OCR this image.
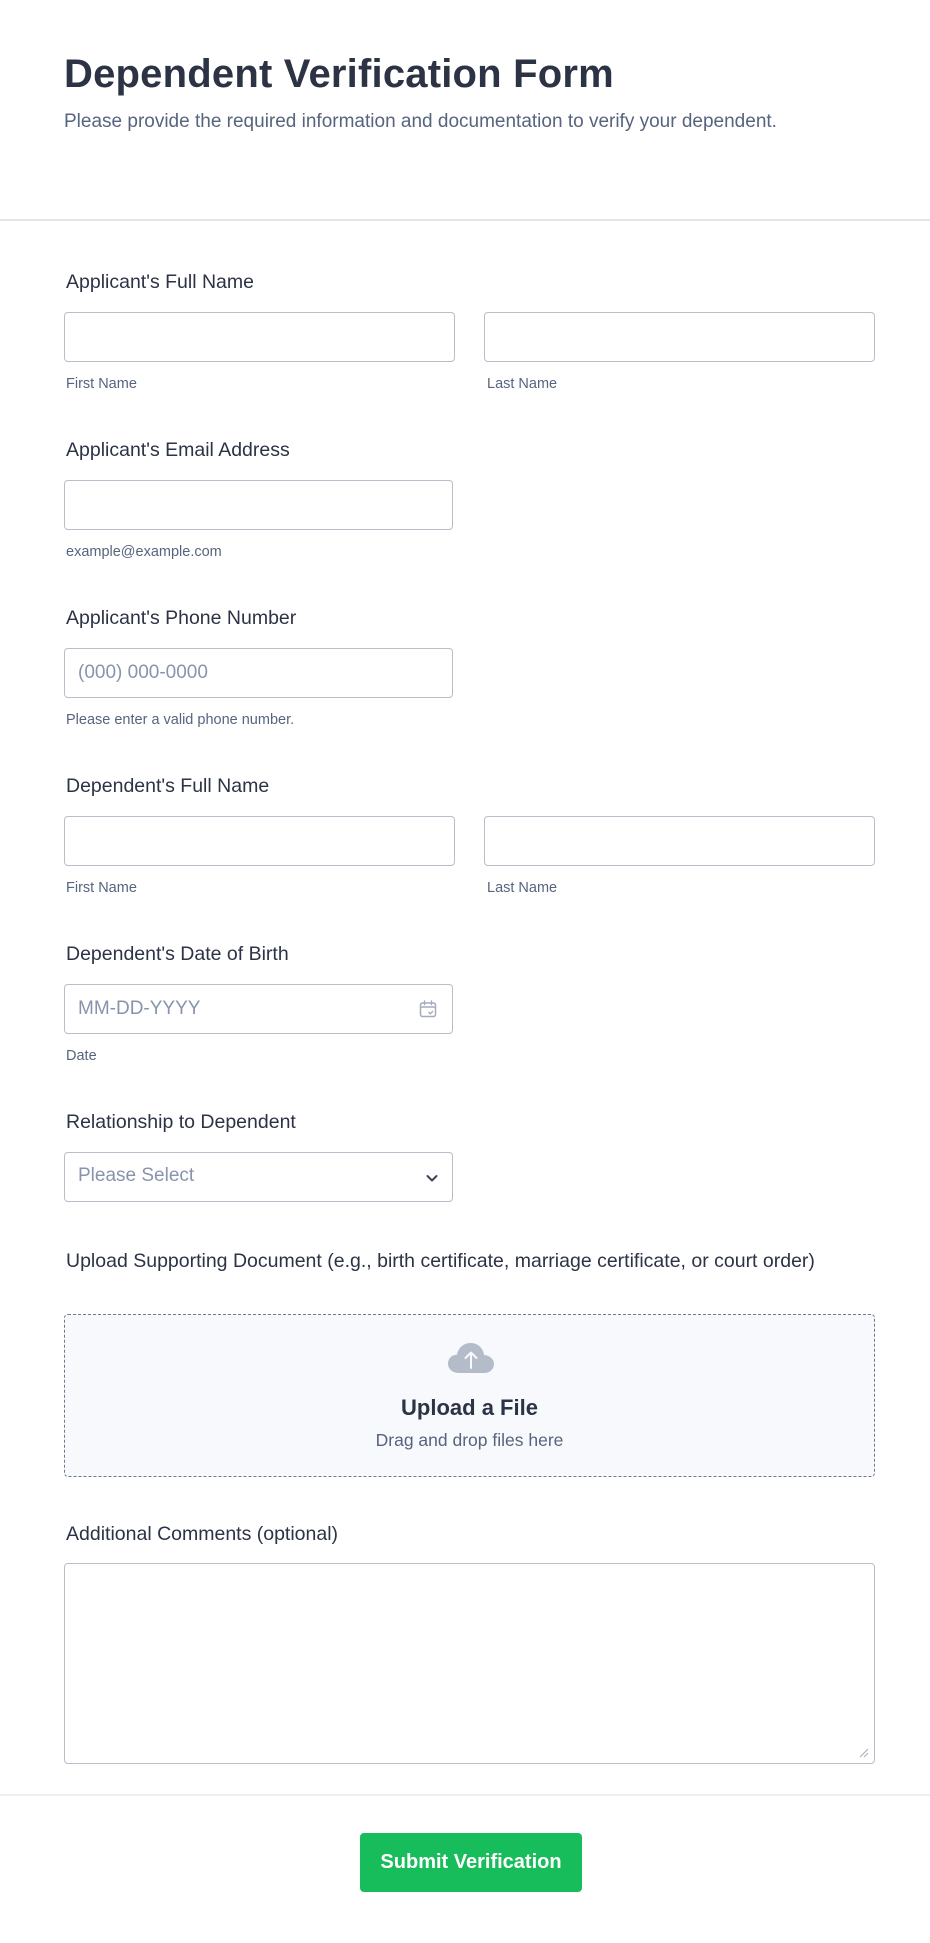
Dependent Verification Form
Please provide the required information and documentation to verify your dependent.
Applicant's Full Name
First Name	Last Name
Applicant's Email Address
example@example.com
Applicant's Phone Number
(000) 000-0000
Please enter a valid phone number.
Dependent's Full Name
First Name	Last Name
Dependent's Date of Birth
MM-DD-YYYY
Date
Relationship to Dependent
Please Select
Upload Supporting Document (e.g., birth certificate, marriage certificate, or court order)
Upload a File
Drag and drop files here
Additional Comments (optional)
Submit Verification
